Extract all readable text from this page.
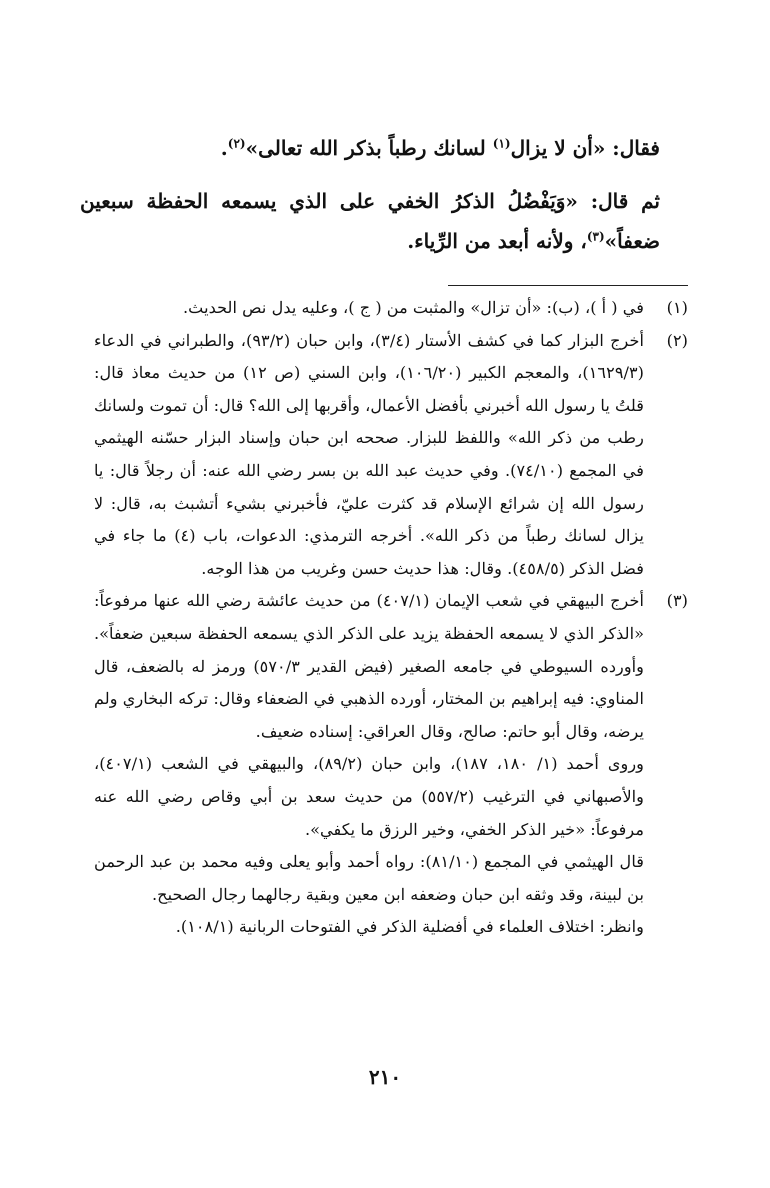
فقال: «أن لا يزال$^{(١)}$ لسانك رطباً بذكر الله تعالى»$^{(٢)}$.

ثم قال: «وَيَفْضُلُ الذكرُ الخفي على الذي يسمعه الحفظة سبعين ضعفاً»$^{(٣)}$، ولأنه أبعد من الرِّياء.

(١)

في ( أ )، (ب): «أن تزال» والمثبت من ( ج )، وعليه يدل نص الحديث.

(٢)

أخرج البزار كما في كشف الأستار (٣/٤)، وابن حبان (٩٣/٢)، والطبراني في الدعاء (١٦٢٩/٣)، والمعجم الكبير (١٠٦/٢٠)، وابن السني (ص ١٢) من حديث معاذ قال: قلتُ يا رسول الله أخبرني بأفضل الأعمال، وأقربها إلى الله؟ قال: أن تموت ولسانك رطب من ذكر الله» واللفظ للبزار. صححه ابن حبان وإسناد البزار حسّنه الهيثمي في المجمع (٧٤/١٠). وفي حديث عبد الله بن بسر رضي الله عنه: أن رجلاً قال: يا رسول الله إن شرائع الإسلام قد كثرت عليّ، فأخبرني بشيء أتشبث به، قال: لا يزال لسانك رطباً من ذكر الله». أخرجه الترمذي: الدعوات، باب (٤) ما جاء في فضل الذكر (٤٥٨/٥). وقال: هذا حديث حسن وغريب من هذا الوجه.

(٣)

أخرج البيهقي في شعب الإيمان (٤٠٧/١) من حديث عائشة رضي الله عنها مرفوعاً: «الذكر الذي لا يسمعه الحفظة يزيد على الذكر الذي يسمعه الحفظة سبعين ضعفاً». وأورده السيوطي في جامعه الصغير (فيض القدير ٥٧٠/٣) ورمز له بالضعف، قال المناوي: فيه إبراهيم بن المختار، أورده الذهبي في الضعفاء وقال: تركه البخاري ولم يرضه، وقال أبو حاتم: صالح، وقال العراقي: إسناده ضعيف.

وروى أحمد (١/ ١٨٠، ١٨٧)، وابن حبان (٨٩/٢)، والبيهقي في الشعب (٤٠٧/١)، والأصبهاني في الترغيب (٥٥٧/٢) من حديث سعد بن أبي وقاص رضي الله عنه مرفوعاً: «خير الذكر الخفي، وخير الرزق ما يكفي».

قال الهيثمي في المجمع (٨١/١٠): رواه أحمد وأبو يعلى وفيه محمد بن عبد الرحمن بن لبينة، وقد وثقه ابن حبان وضعفه ابن معين وبقية رجالهما رجال الصحيح.

وانظر: اختلاف العلماء في أفضلية الذكر في الفتوحات الربانية (١٠٨/١).

٢١٠
